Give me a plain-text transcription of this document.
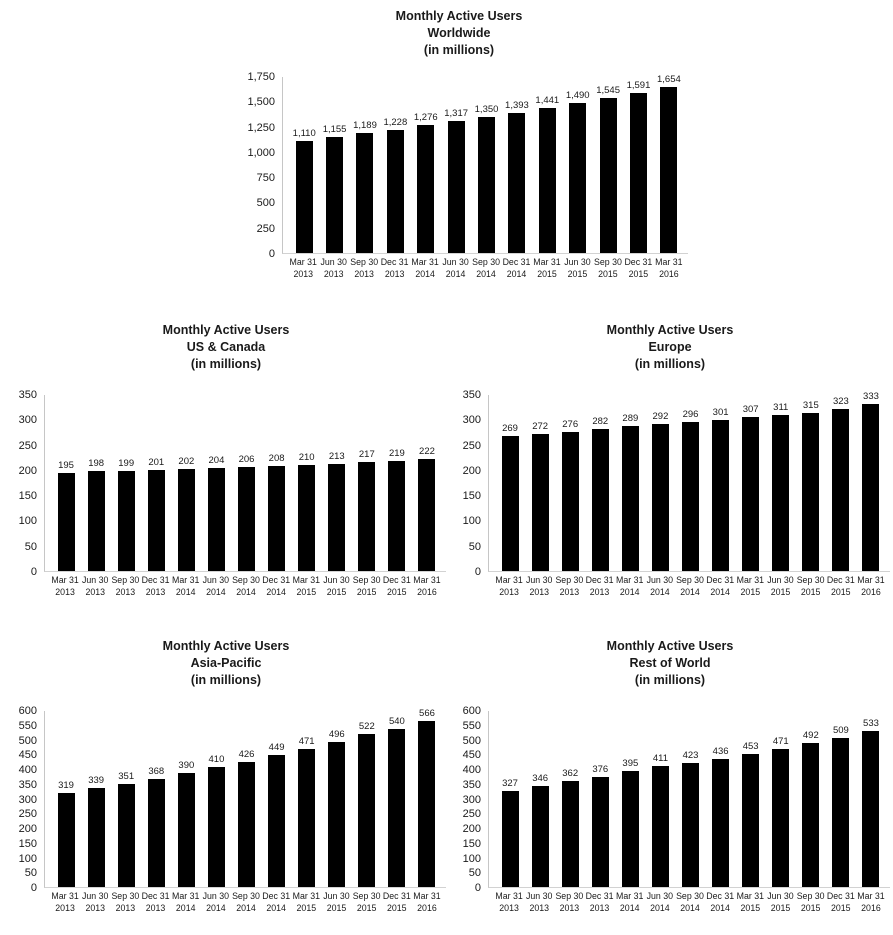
Monthly Active Users
Worldwide
(in millions)
0
250
500
750
1,000
1,250
1,500
1,750
1,110 1,155 1,189 1,228 1,276 1,317 1,350 1,393 1,441 1,490
1,545 1,591
1,654
Mar 31
2013
Jun 30
2013
Sep 30
2013
Dec 31
2013
Mar 31
2014
Jun 30
2014
Sep 30
2014
Dec 31
2014
Mar 31
2015
Jun 30
2015
Sep 30
2015
Dec 31
2015
Mar 31
2016
Monthly Active Users
US & Canada
(in millions)
0
50
100
150
200
250
300
350
195 198 199 201 202 204 206 208 210 213 217 219 222
Mar 31
2013
Jun 30
2013
Sep 30
2013
Dec 31
2013
Mar 31
2014
Jun 30
2014
Sep 30
2014
Dec 31
2014
Mar 31
2015
Jun 30
2015
Sep 30
2015
Dec 31
2015
Mar 31
2016
Monthly Active Users
Europe
(in millions)
0
50
100
150
200
250
300
350
269 272 276 282 289 292 296 301 307 311 315 323 333
Mar 31
2013
Jun 30
2013
Sep 30
2013
Dec 31
2013
Mar 31
2014
Jun 30
2014
Sep 30
2014
Dec 31
2014
Mar 31
2015
Jun 30
2015
Sep 30
2015
Dec 31
2015
Mar 31
2016
Monthly Active Users
Asia-Pacific
(in millions)
0
50
100
150
200
250
300
350
400
450
500
550
600
319
339 351 368
390
410 426
449
471
496
522 540
566
Mar 31
2013
Jun 30
2013
Sep 30
2013
Dec 31
2013
Mar 31
2014
Jun 30
2014
Sep 30
2014
Dec 31
2014
Mar 31
2015
Jun 30
2015
Sep 30
2015
Dec 31
2015
Mar 31
2016
Monthly Active Users
Rest of World
(in millions)
0
50
100
150
200
250
300
350
400
450
500
550
600
327
346 362 376
395 411 423 436 453 471
492 509
533
Mar 31
2013
Jun 30
2013
Sep 30
2013
Dec 31
2013
Mar 31
2014
Jun 30
2014
Sep 30
2014
Dec 31
2014
Mar 31
2015
Jun 30
2015
Sep 30
2015
Dec 31
2015
Mar 31
2016
